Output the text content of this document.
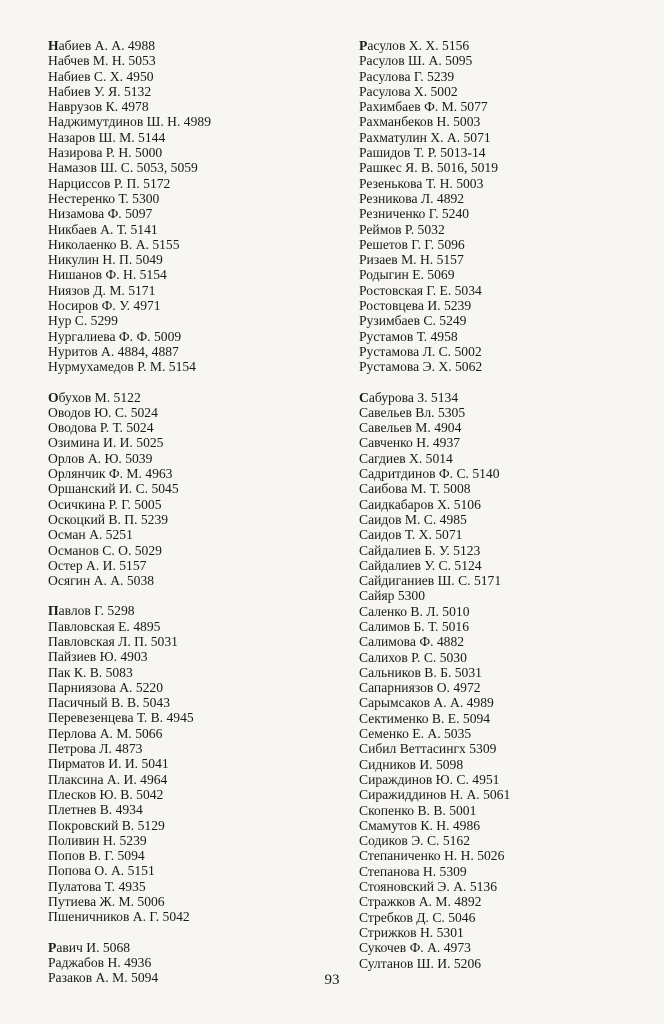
Набиев А. А. 4988
Набчев М. Н. 5053
Набиев С. Х. 4950
Набиев У. Я. 5132
Наврузов К. 4978
Наджимутдинов Ш. Н. 4989
Назаров Ш. М. 5144
Назирова Р. Н. 5000
Намазов Ш. С. 5053, 5059
Нарциссов Р. П. 5172
Нестеренко Т. 5300
Низамова Ф. 5097
Никбаев А. Т. 5141
Николаенко В. А. 5155
Никулин Н. П. 5049
Нишанов Ф. Н. 5154
Ниязов Д. М. 5171
Носиров Ф. У. 4971
Нур С. 5299
Нургалиева Ф. Ф. 5009
Нуритов А. 4884, 4887
Нурмухамедов Р. М. 5154
Обухов М. 5122
Оводов Ю. С. 5024
Оводова Р. Т. 5024
Озимина И. И. 5025
Орлов А. Ю. 5039
Орлянчик Ф. М. 4963
Оршанский И. С. 5045
Осичкина Р. Г. 5005
Оскоцкий В. П. 5239
Осман А. 5251
Османов С. О. 5029
Остер А. И. 5157
Осягин А. А. 5038
Павлов Г. 5298
Павловская Е. 4895
Павловская Л. П. 5031
Пайзиев Ю. 4903
Пак К. В. 5083
Парниязова А. 5220
Пасичный В. В. 5043
Перевезенцева Т. В. 4945
Перлова А. М. 5066
Петрова Л. 4873
Пирматов И. И. 5041
Плаксина А. И. 4964
Плесков Ю. В. 5042
Плетнев В. 4934
Покровский В. 5129
Поливин Н. 5239
Попов В. Г. 5094
Попова О. А. 5151
Пулатова Т. 4935
Путиева Ж. М. 5006
Пшеничников А. Г. 5042
Равич И. 5068
Раджабов Н. 4936
Разаков А. М. 5094
Расулов Х. Х. 5156
Расулов Ш. А. 5095
Расулова Г. 5239
Расулова Х. 5002
Рахимбаев Ф. М. 5077
Рахманбеков Н. 5003
Рахматулин Х. А. 5071
Рашидов Т. Р. 5013-14
Рашкес Я. В. 5016, 5019
Резенькова Т. Н. 5003
Резникова Л. 4892
Резниченко Г. 5240
Реймов Р. 5032
Решетов Г. Г. 5096
Ризаев М. Н. 5157
Родыгин Е. 5069
Ростовская Г. Е. 5034
Ростовцева И. 5239
Рузимбаев С. 5249
Рустамов Т. 4958
Рустамова Л. С. 5002
Рустамова Э. Х. 5062
Сабурова З. 5134
Савельев Вл. 5305
Савельев М. 4904
Савченко Н. 4937
Сагдиев Х. 5014
Садритдинов Ф. С. 5140
Саибова М. Т. 5008
Саидкабаров Х. 5106
Саидов М. С. 4985
Саидов Т. Х. 5071
Сайдалиев Б. У. 5123
Сайдалиев У. С. 5124
Сайдиганиев Ш. С. 5171
Сайяр 5300
Саленко В. Л. 5010
Салимов Б. Т. 5016
Салимова Ф. 4882
Салихов Р. С. 5030
Сальников В. Б. 5031
Сапарниязов О. 4972
Сарымсаков А. А. 4989
Сектименко В. Е. 5094
Семенко Е. А. 5035
Сибил Веттасингх 5309
Сидников И. 5098
Сираждинов Ю. С. 4951
Сиражиддинов Н. А. 5061
Скопенко В. В. 5001
Смамутов К. Н. 4986
Содиков Э. С. 5162
Степаниченко Н. Н. 5026
Степанова Н. 5309
Стояновский Э. А. 5136
Стражков А. М. 4892
Стребков Д. С. 5046
Стрижков Н. 5301
Сукочев Ф. А. 4973
Султанов Ш. И. 5206
93
